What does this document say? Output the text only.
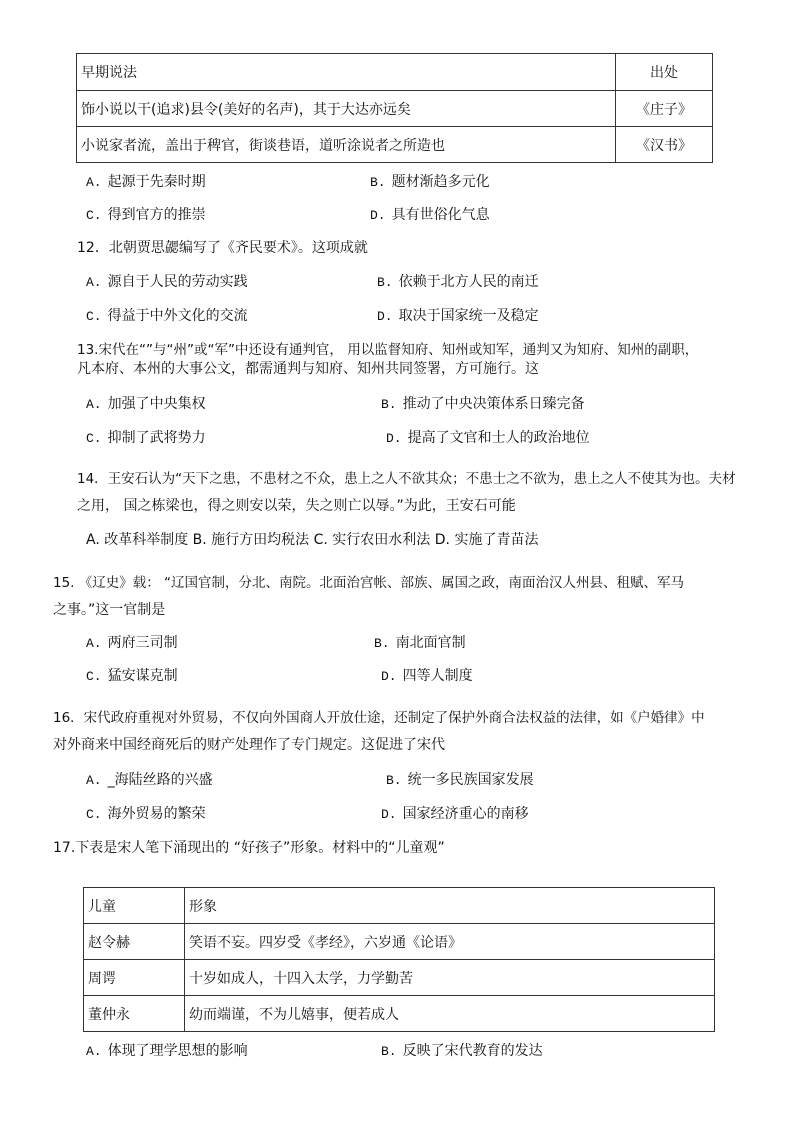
早期说法	出处
饰小说以干(追求)县令(美好的名声)，其于大达亦远矣	《庄子》
小说家者流，盖出于稗官，街谈巷语，道听涂说者之所造也	《汉书》
A. 起源于先秦时期	B. 题材渐趋多元化
C. 得到官方的推崇	D. 具有世俗化气息
12．北朝贾思勰编写了《齐民要术》。这项成就
A. 源自于人民的劳动实践	B. 依赖于北方人民的南迁
C. 得益于中外文化的交流	D. 取决于国家统一及稳定
13.宋代在“”与“州”或“军”中还设有通判官， 用以监督知府、知州或知军，通判又为知府、知州的副职，
凡本府、本州的大事公文，都需通判与知府、知州共同签署，方可施行。这
A. 加强了中央集权	B. 推动了中央决策体系日臻完备
C. 抑制了武将势力	D. 提高了文官和士人的政治地位
14．王安石认为“天下之患，不患材之不众，患上之人不欲其众；不患士之不欲为，患上之人不使其为也。夫材
之用， 国之栋梁也，得之则安以荣，失之则亡以辱。”为此，王安石可能
A. 改革科举制度 B. 施行方田均税法 C. 实行农田水利法 D. 实施了青苗法
15. 《辽史》载： “辽国官制，分北、南院。北面治宫帐、部族、属国之政，南面治汉人州县、租赋、军马
之事。”这一官制是
A. 两府三司制	B. 南北面官制
C. 猛安谋克制	D. 四等人制度
16．宋代政府重视对外贸易，不仅向外国商人开放仕途，还制定了保护外商合法权益的法律，如《户婚律》中
对外商来中国经商死后的财产处理作了专门规定。这促进了宋代
A. _海陆丝路的兴盛	B. 统一多民族国家发展
C. 海外贸易的繁荣	D. 国家经济重心的南移
17.下表是宋人笔下涌现出的 “好孩子”形象。材料中的“儿童观”
儿童	形象
赵令赫	笑语不妄。四岁受《孝经》，六岁通《论语》
周谔	十岁如成人，十四入太学，力学勤苦
董仲永	幼而端谨，不为儿嬉事，便若成人
A. 体现了理学思想的影响	B. 反映了宋代教育的发达
